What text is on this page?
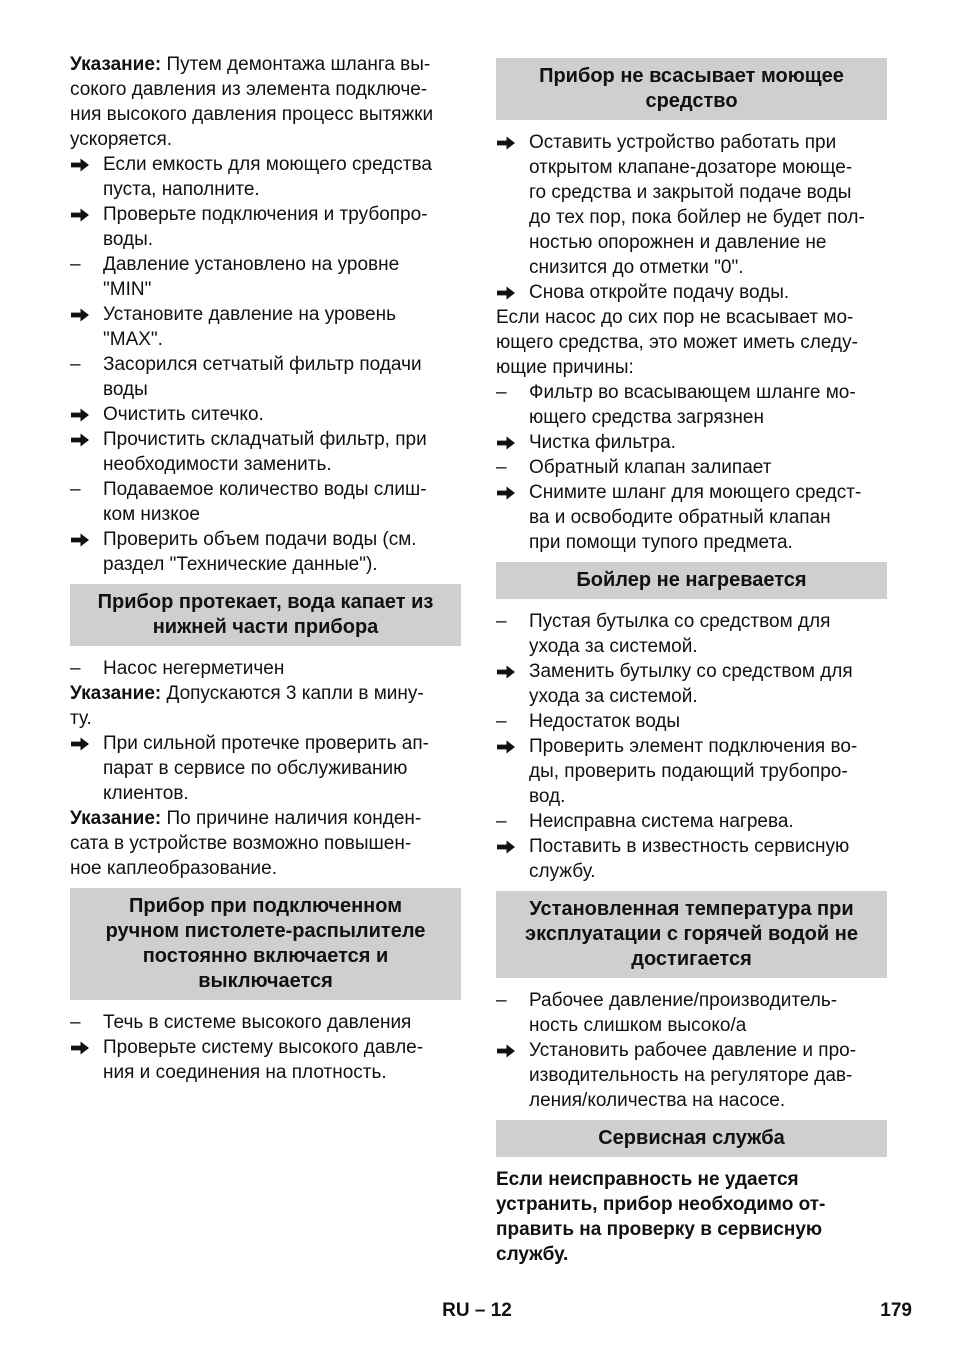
Указание: Путем демонтажа шланга вы-
сокого давления из элемента подключе-
ния высокого давления процесс вытяжки
ускоряется.
Если емкость для моющего средства
пуста, наполните.
Проверьте подключения и трубопро-
воды.
– Давление установлено на уровне
"MIN"
Установите давление на уровень
"MAX".
– Засорился сетчатый фильтр подачи
воды
Очистить ситечко.
Прочистить складчатый фильтр, при
необходимости заменить.
– Подаваемое количество воды слиш-
ком низкое
Проверить объем подачи воды (см.
раздел "Технические данные").
Прибор протекает, вода капает из
нижней части прибора
– Насос негерметичен
Указание: Допускаются 3 капли в мину-
ту.
При сильной протечке проверить ап-
парат в сервисе по обслуживанию
клиентов.
Указание: По причине наличия конден-
сата в устройстве возможно повышен-
ное каплеобразование.
Прибор при подключенном
ручном пистолете-распылителе
постоянно включается и
выключается
– Течь в системе высокого давления
Проверьте систему высокого давле-
ния и соединения на плотность.
Прибор не всасывает моющее
средство
Оставить устройство работать при
открытом клапане-дозаторе моюще-
го средства и закрытой подаче воды
до тех пор, пока бойлер не будет пол-
ностью опорожнен и давление не
снизится до отметки "0".
Снова откройте подачу воды.
Если насос до сих пор не всасывает мо-
ющего средства, это может иметь следу-
ющие причины:
– Фильтр во всасывающем шланге мо-
ющего средства загрязнен
Чистка фильтра.
– Обратный клапан залипает
Снимите шланг для моющего средст-
ва и освободите обратный клапан
при помощи тупого предмета.
Бойлер не нагревается
– Пустая бутылка со средством для
ухода за системой.
Заменить бутылку со средством для
ухода за системой.
– Недостаток воды
Проверить элемент подключения во-
ды, проверить подающий трубопро-
вод.
– Неисправна система нагрева.
Поставить в известность сервисную
службу.
Установленная температура при
эксплуатации с горячей водой не
достигается
– Рабочее давление/производитель-
ность слишком высоко/а
Установить рабочее давление и про-
изводительность на регуляторе дав-
ления/количества на насосе.
Сервисная служба
Если неисправность не удается
устранить, прибор необходимо от-
править на проверку в сервисную
службу.
RU – 12	179
